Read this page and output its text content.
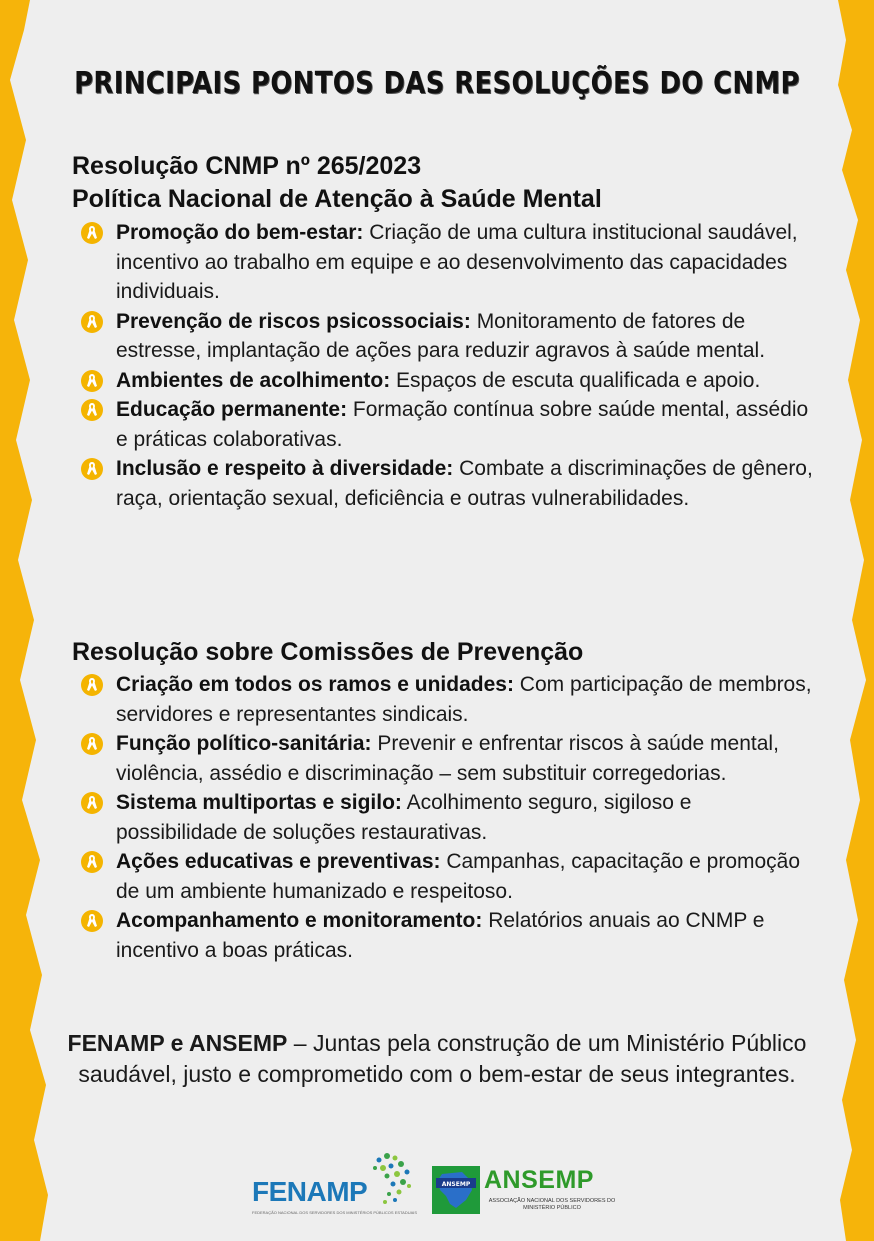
PRINCIPAIS PONTOS DAS RESOLUÇÕES DO CNMP
Resolução CNMP nº 265/2023
Política Nacional de Atenção à Saúde Mental
Promoção do bem-estar: Criação de uma cultura institucional saudável, incentivo ao trabalho em equipe e ao desenvolvimento das capacidades individuais.
Prevenção de riscos psicossociais: Monitoramento de fatores de estresse, implantação de ações para reduzir agravos à saúde mental.
Ambientes de acolhimento: Espaços de escuta qualificada e apoio.
Educação permanente: Formação contínua sobre saúde mental, assédio e práticas colaborativas.
Inclusão e respeito à diversidade: Combate a discriminações de gênero, raça, orientação sexual, deficiência e outras vulnerabilidades.
Resolução sobre Comissões de Prevenção
Criação em todos os ramos e unidades: Com participação de membros, servidores e representantes sindicais.
Função político-sanitária: Prevenir e enfrentar riscos à saúde mental, violência, assédio e discriminação – sem substituir corregedorias.
Sistema multiportas e sigilo: Acolhimento seguro, sigiloso e possibilidade de soluções restaurativas.
Ações educativas e preventivas: Campanhas, capacitação e promoção de um ambiente humanizado e respeitoso.
Acompanhamento e monitoramento: Relatórios anuais ao CNMP e incentivo a boas práticas.
FENAMP e ANSEMP – Juntas pela construção de um Ministério Público saudável, justo e comprometido com o bem-estar de seus integrantes.
FENAMP
FEDERAÇÃO NACIONAL DOS SERVIDORES DOS MINISTÉRIOS PÚBLICOS ESTADUAIS
ANSEMP ANSEMP
ASSOCIAÇÃO NACIONAL DOS SERVIDORES DO MINISTÉRIO PÚBLICO
